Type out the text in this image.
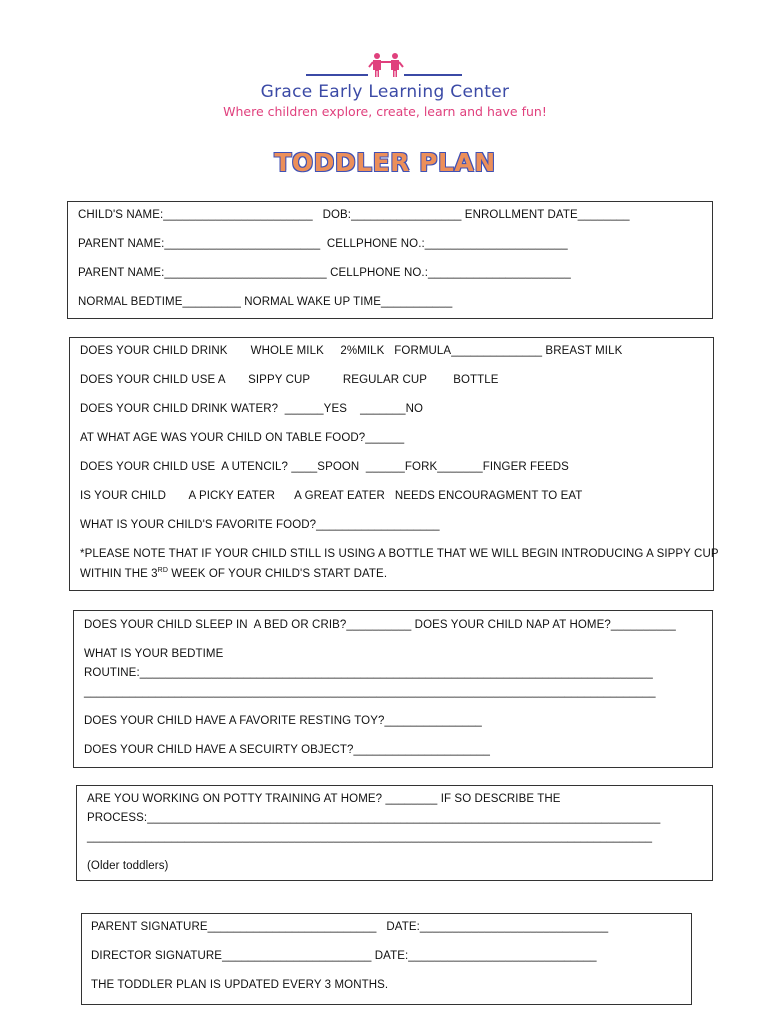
Grace Early Learning Center
Where children explore, create, learn and have fun!
TODDLER PLAN
CHILD'S NAME:_______________________   DOB:_________________ ENROLLMENT DATE________
PARENT NAME:________________________  CELLPHONE NO.:______________________
PARENT NAME:_________________________ CELLPHONE NO.:______________________
NORMAL BEDTIME_________ NORMAL WAKE UP TIME___________
DOES YOUR CHILD DRINK       WHOLE MILK     2%MILK   FORMULA______________ BREAST MILK
DOES YOUR CHILD USE A       SIPPY CUP          REGULAR CUP        BOTTLE
DOES YOUR CHILD DRINK WATER?  ______YES    _______NO
AT WHAT AGE WAS YOUR CHILD ON TABLE FOOD?______
DOES YOUR CHILD USE  A UTENCIL? ____SPOON  ______FORK_______FINGER FEEDS
IS YOUR CHILD       A PICKY EATER      A GREAT EATER   NEEDS ENCOURAGMENT TO EAT
WHAT IS YOUR CHILD'S FAVORITE FOOD?___________________
*PLEASE NOTE THAT IF YOUR CHILD STILL IS USING A BOTTLE THAT WE WILL BEGIN INTRODUCING A SIPPY CUP
WITHIN THE 3RD WEEK OF YOUR CHILD'S START DATE.
DOES YOUR CHILD SLEEP IN  A BED OR CRIB?__________ DOES YOUR CHILD NAP AT HOME?__________
WHAT IS YOUR BEDTIME
ROUTINE:_______________________________________________________________________________
________________________________________________________________________________________
DOES YOUR CHILD HAVE A FAVORITE RESTING TOY?_______________
DOES YOUR CHILD HAVE A SECUIRTY OBJECT?_____________________
ARE YOU WORKING ON POTTY TRAINING AT HOME? ________ IF SO DESCRIBE THE
PROCESS:_______________________________________________________________________________
_______________________________________________________________________________________
(Older toddlers)
PARENT SIGNATURE__________________________   DATE:_____________________________
DIRECTOR SIGNATURE_______________________ DATE:_____________________________
THE TODDLER PLAN IS UPDATED EVERY 3 MONTHS.
